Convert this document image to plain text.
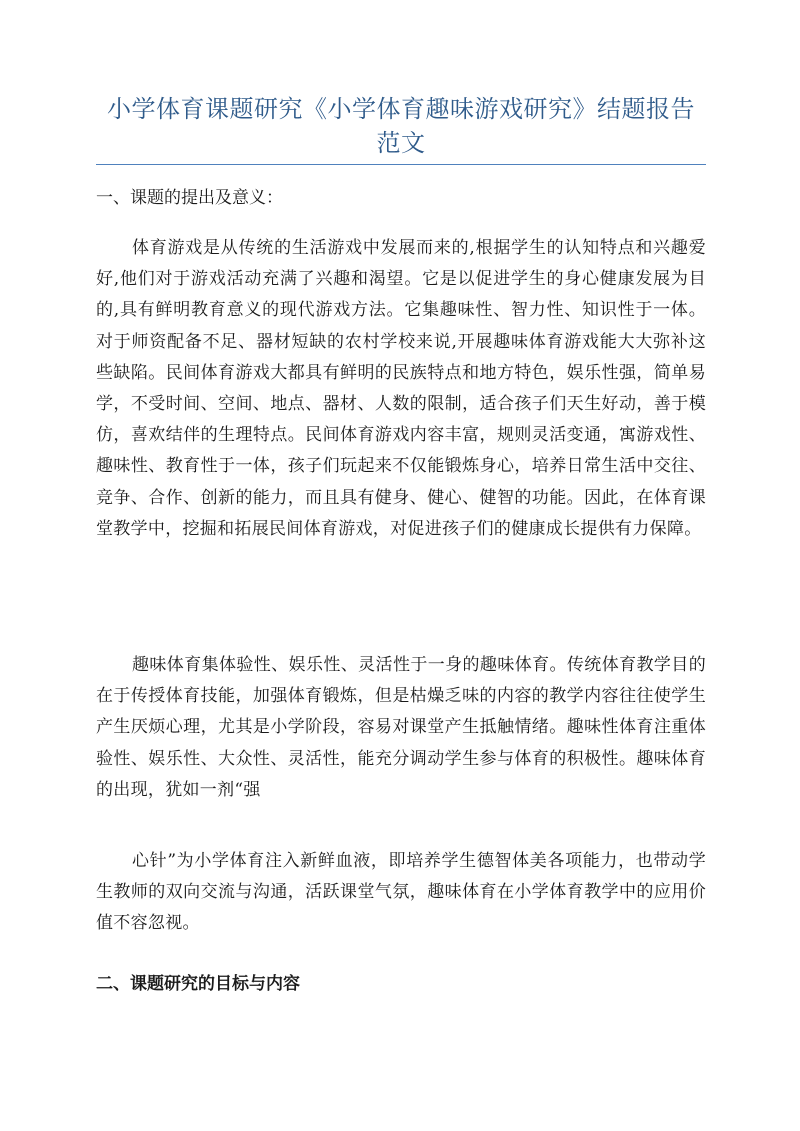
小学体育课题研究《小学体育趣味游戏研究》结题报告范文
一、课题的提出及意义：

体育游戏是从传统的生活游戏中发展而来的,根据学生的认知特点和兴趣爱好,他们对于游戏活动充满了兴趣和渴望。它是以促进学生的身心健康发展为目的,具有鲜明教育意义的现代游戏方法。它集趣味性、智力性、知识性于一体。对于师资配备不足、器材短缺的农村学校来说,开展趣味体育游戏能大大弥补这些缺陷。民间体育游戏大都具有鲜明的民族特点和地方特色，娱乐性强，简单易学，不受时间、空间、地点、器材、人数的限制，适合孩子们天生好动，善于模仿，喜欢结伴的生理特点。民间体育游戏内容丰富，规则灵活变通，寓游戏性、趣味性、教育性于一体，孩子们玩起来不仅能锻炼身心，培养日常生活中交往、竞争、合作、创新的能力，而且具有健身、健心、健智的功能。因此，在体育课堂教学中，挖掘和拓展民间体育游戏，对促进孩子们的健康成长提供有力保障。

趣味体育集体验性、娱乐性、灵活性于一身的趣味体育。传统体育教学目的在于传授体育技能，加强体育锻炼，但是枯燥乏味的内容的教学内容往往使学生产生厌烦心理，尤其是小学阶段，容易对课堂产生抵触情绪。趣味性体育注重体验性、娱乐性、大众性、灵活性，能充分调动学生参与体育的积极性。趣味体育的出现，犹如一剂“强

心针”为小学体育注入新鲜血液，即培养学生德智体美各项能力，也带动学生教师的双向交流与沟通，活跃课堂气氛，趣味体育在小学体育教学中的应用价值不容忽视。

二、课题研究的目标与内容
